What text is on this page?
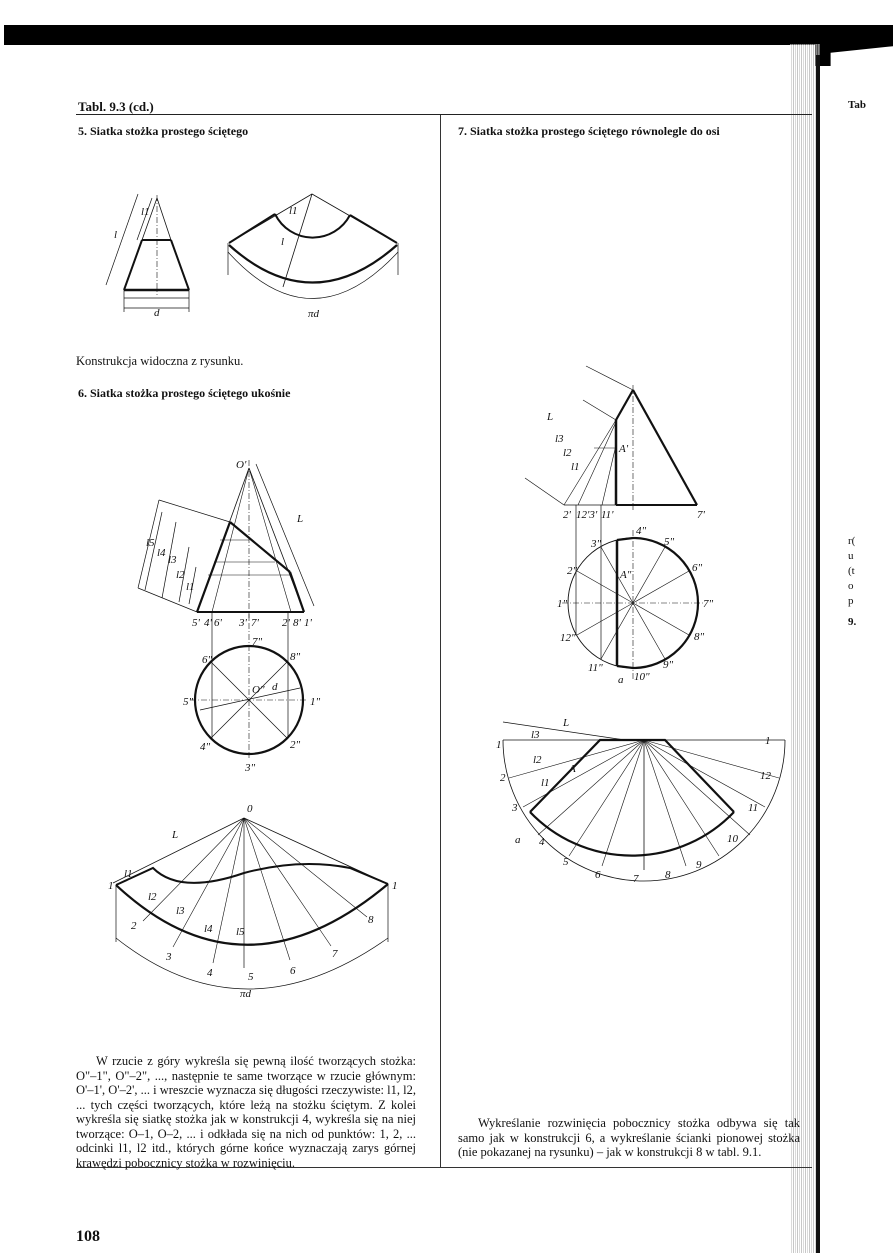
Tabl. 9.3 (cd.)
5. Siatka stożka prostego ściętego
l
l1
d	πd
l
l1
Konstrukcja widoczna z rysunku.
6. Siatka stożka prostego ściętego ukośnie
O'
L
l5
l4
l3
l2
l1
5' 4' 6' 3' 7' 2' 8' 1'
7"
6"	8"
5"
O" d
1"
4"	2"
3"
0
L
l1
l2
l3
l4 l5
1
2
3
4	5	6
7
8
1
πd
W rzucie z góry wykreśla się pewną ilość tworzących stożka: O"–1", O"–2", ..., następnie te same tworzące w rzucie głównym: O'–1', O'–2', ... i wreszcie wyznacza się długości rzeczywiste: l1, l2, ... tych części tworzących, które leżą na stożku ściętym. Z kolei wykreśla się siatkę stożka jak w konstrukcji 4, wykreśla się na niej tworzące: O–1, O–2, ... i odkłada się na nich od punktów: 1, 2, ... odcinki l1, l2 itd., których górne końce wyznaczają zarys górnej krawędzi pobocznicy stożka w rozwinięciu.
7. Siatka stożka prostego ściętego równolegle do osi
L
l3
l2
l1
A'
2' 12'3' 11'	7'
4"
5"
3"
2"	A"
6"
1"	7"
12"	8"
11"	9"
10"
a
L
l3
l2
l1
A
1
2
3
4
5
6	7 8
9
10
11
12
1
a
Wykreślanie rozwinięcia pobocznicy stożka odbywa się tak samo jak w konstrukcji 6, a wykreślanie ścianki pionowej stożka (nie pokazanej na rysunku) – jak w konstrukcji 8 w tabl. 9.1.
108
Tab
r(
u
(t
o
p
9.
